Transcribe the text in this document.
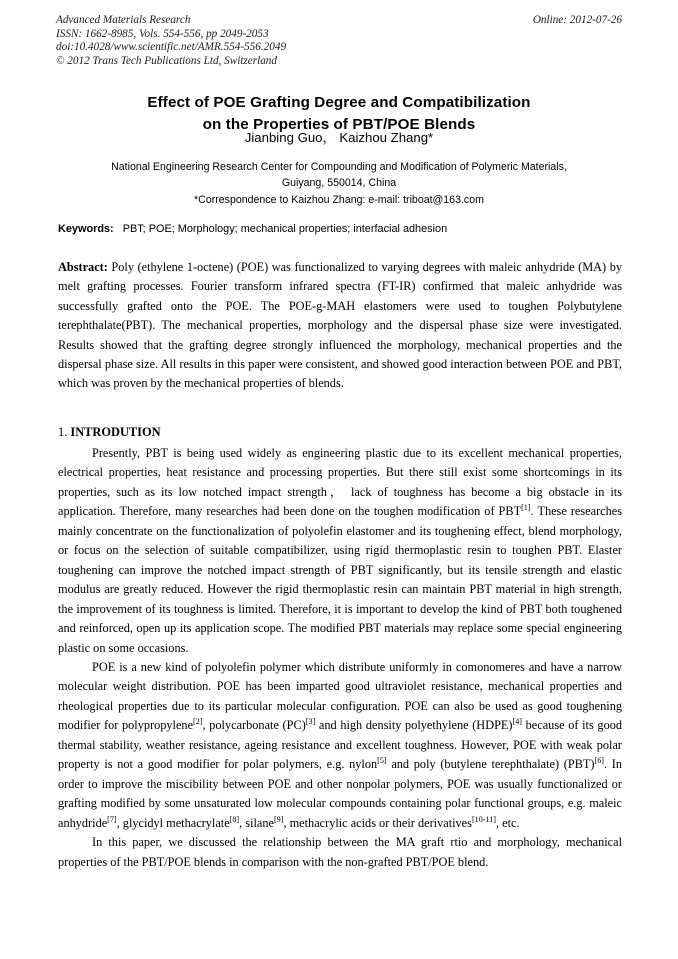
Advanced Materials Research	Online: 2012-07-26
ISSN: 1662-8985, Vols. 554-556, pp 2049-2053
doi:10.4028/www.scientific.net/AMR.554-556.2049
© 2012 Trans Tech Publications Ltd, Switzerland
Effect of POE Grafting Degree and Compatibilization
on the Properties of PBT/POE Blends
Jianbing Guo， Kaizhou Zhang*
National Engineering Research Center for Compounding and Modification of Polymeric Materials,
Guiyang, 550014, China
*Correspondence to Kaizhou Zhang: e-mail: triboat@163.com
Keywords: PBT; POE; Morphology; mechanical properties; interfacial adhesion
Abstract: Poly (ethylene 1-octene) (POE) was functionalized to varying degrees with maleic anhydride (MA) by melt grafting processes. Fourier transform infrared spectra (FT-IR) confirmed that maleic anhydride was successfully grafted onto the POE. The POE-g-MAH elastomers were used to toughen Polybutylene terephthalate(PBT). The mechanical properties, morphology and the dispersal phase size were investigated. Results showed that the grafting degree strongly influenced the morphology, mechanical properties and the dispersal phase size. All results in this paper were consistent, and showed good interaction between POE and PBT, which was proven by the mechanical properties of blends.
1. INTRODUTION

Presently, PBT is being used widely as engineering plastic due to its excellent mechanical properties, electrical properties, heat resistance and processing properties. But there still exist some shortcomings in its properties, such as its low notched impact strength， lack of toughness has become a big obstacle in its application. Therefore, many researches had been done on the toughen modification of PBT[1]. These researches mainly concentrate on the functionalization of polyolefin elastomer and its toughening effect, blend morphology, or focus on the selection of suitable compatibilizer, using rigid thermoplastic resin to toughen PBT. Elaster toughening can improve the notched impact strength of PBT significantly, but its tensile strength and elastic modulus are greatly reduced. However the rigid thermoplastic resin can maintain PBT material in high strength, the improvement of its toughness is limited. Therefore, it is important to develop the kind of PBT both toughened and reinforced, open up its application scope. The modified PBT materials may replace some special engineering plastic on some occasions.

POE is a new kind of polyolefin polymer which distribute uniformly in comonomeres and have a narrow molecular weight distribution. POE has been imparted good ultraviolet resistance, mechanical properties and rheological properties due to its particular molecular configuration. POE can also be used as good toughening modifier for polypropylene[2], polycarbonate (PC)[3] and high density polyethylene (HDPE)[4] because of its good thermal stability, weather resistance, ageing resistance and excellent toughness. However, POE with weak polar property is not a good modifier for polar polymers, e.g. nylon[5] and poly (butylene terephthalate) (PBT)[6]. In order to improve the miscibility between POE and other nonpolar polymers, POE was usually functionalized or grafting modified by some unsaturated low molecular compounds containing polar functional groups, e.g. maleic anhydride[7], glycidyl methacrylate[8], silane[9], methacrylic acids or their derivatives[10-11], etc.

In this paper, we discussed the relationship between the MA graft rtio and morphology, mechanical properties of the PBT/POE blends in comparison with the non-grafted PBT/POE blend.
